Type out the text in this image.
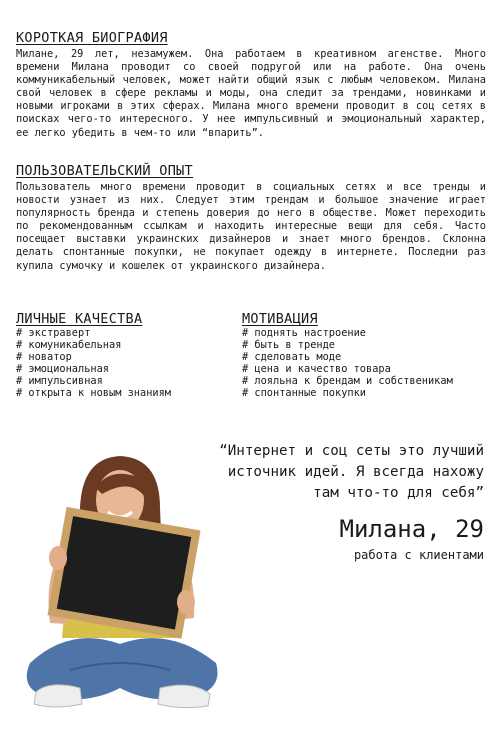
КОРОТКАЯ БИОГРАФИЯ
Милане, 29 лет, незамужем. Она работаем в креативном агенстве. Много времени Милана проводит со своей подругой или на работе. Она очень коммуникабельный человек, может найти общий язык с любым человеком. Милана свой человек в сфере рекламы и моды, она следит за трендами, новинками и новыми игроками в этих сферах. Милана много времени проводит в соц сетях в поисках чего-то интересного. У нее импульсивный и эмоциональный характер, ее легко убедить в чем-то или “впарить”.
ПОЛЬЗОВАТЕЛЬСКИЙ ОПЫТ
Пользователь много времени проводит в социальных сетях и все тренды и новости узнает из них. Следует этим трендам и большое значение играет популярность бренда и степень доверия до него в обществе. Может переходить по рекомендованным ссылкам и находить интересные вещи для себя. Часто посещает выставки украинских дизайнеров и знает много брендов. Склонна делать спонтанные покупки, не покупает одежду в интернете. Последни раз купила сумочку и кошелек от украинского дизайнера.
ЛИЧНЫЕ КАЧЕСТВА
# экстраверт
# комуникабельная
# новатор
# эмоциональная
# импульсивная
# открыта к новым знаниям
МОТИВАЦИЯ
# поднять настроение
# быть в тренде
# сделовать моде
# цена и качество товара
# лояльна к брендам и собственикам
# спонтанные покупки
“Интернет и соц сеты это лучший источник идей. Я всегда нахожу там что-то для себя”
Милана, 29
работа с клиентами
